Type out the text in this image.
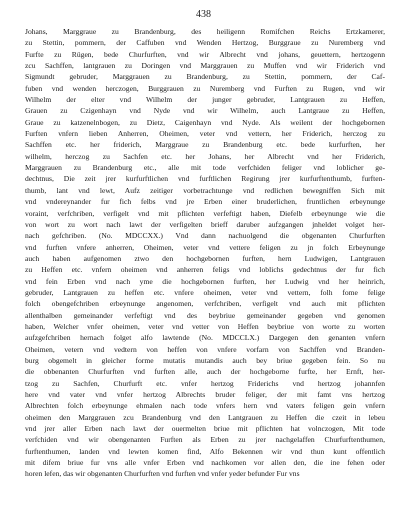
438
Johans, Marggraue zu Brandenburg, des heiligenn Romifchen Reichs Ertzkamerer,
zu Stettin, pommern, der Caffuben vnd Wenden Hertzog, Burggraue zu Nuremberg vnd
Furfte zu Rügen, bede Churfurften, vnd wir Albrecht vnd johans, geuettern, hertzogenn
zcu Sachffen, lantgrauen zu Doringen vnd Marggrauen zu Muffen vnd wir Friderich vnd
Sigmundt gebruder, Marggrauen zu Brandenburg, zu Stettin, pommern, der Caf-
fuben vnd wenden herczogen, Burggrauen zu Nuremberg vnd Furften zu Rugen, vnd wir
Wilhelm der elter vnd Wilhelm der junger gebruder, Lantgrauen zu Heffen,
Grauen zu Czigenhayn vnd Nyde vnd wir Wilhelm, auch Lantgraue zu Heffen,
Graue zu katzenelnbogen, zu Dietz, Caigenhayn vnd Nyde. Als weilent der hochgebornen
Furften vnfern lieben Anherren, Oheimen, veter vnd vettern, her Friderich, herczog zu
Sachffen etc. her friderich, Marggraue zu Brandenburg etc. bede kurfurften, her
wilhelm, herczog zu Sachfen etc. her Johans, her Albrecht vnd her Friderich,
Marggrauen zu Brandenburg etc., alle mit tode verfchiden feliger vnd loblicher ge-
dechtnus, Die zeit jrer kurfurftlichen vnd furftlichen Regirung jrer kurfurftenthumb, furften-
thumb, lant vnd lewt, Aufz zeitiger vorbetrachtunge vnd redlichen bewegniffen Sich mit
vnd vndereynander fur fich felbs vnd jre Erben einer bruderlichen, fruntlichen erbeynunge
voraint, verfchriben, verfigelt vnd mit pflichten verfeftigt haben, Diefelb erbeynunge wie die
von wort zu wort nach lawt der verfigelten brieff daruber aufzgangen jnheldet volget her-
nach gefchriben. (No. MDCCXX.) Vnd dann nachuolgend die obgenanten Churfurften
vnd furften vnfere anherren, Oheimen, veter vnd vettere feligen zu jn folch Erbeynunge
auch haben aufgenomen ztwo den hochgebornen furften, hern Ludwigen, Lantgrauen
zu Heffen etc. vnfern oheimen vnd anherren feligs vnd loblichs gedechtnus der fur fich
vnd fein Erben vnd nach yme die hochgebornen furften, her Ludwig vnd her heinrich,
gebruder, Lantgrauen zu heffen etc. vnfere oheimen, veter vnd vettern, folh fome felige
folch obengefchriben erbeynunge angenomen, verfchriben, verfigelt vnd auch mit pflichten
allenthalben gemeinander verfeftigt vnd des beybriue gemeinander gegeben vnd genomen
haben, Welcher vnfer oheimen, veter vnd vetter von Heffen beybriue von worte zu worten
aufzgefchriben hernach folget alfo lawtende (No. MDCCLX.) Dargegen den genanten vnfern
Oheimen, vetern vnd vedtern von heffen von vnfere vorfarn von Sachffen vnd Branden-
burg obgemelt in gleicher forme mutatis mutandis auch bey briue gegeben fein. So nu
die obbenanten Churfurften vnd furften alle, auch der hochgeborne furfte, her Ernft, her-
tzog zu Sachfen, Churfurft etc. vnfer hertzog Friderichs vnd hertzog johannfen
here vnd vater vnd vnfer hertzog Albrechts bruder feliger, der mit famt vns hertzog
Albrechten folch erbeynunge ehmalen nach tode vnfers hern vnd vaters feligen gein vnfern
oheimen den Marggrauen zcu Brandenburg vnd den Lantgrauen zu Heffen die czeit in lebeu
vnd jrer aller Erben nach lawt der ouermelten briue mit pflichten hat volnczogen, Mit tode
verfchiden vnd wir obengenanten Furften als Erben zu jrer nachgelaffen Churfurftenthumen,
furftenthumen, landen vnd lewten komen find, Alfo Bekennen wir vnd thun kunt offentlich
mit difem briue fur vns alle vnfer Erben vnd nachkomen vor allen den, die ine fehen oder
horen lefen, das wir obgenanten Churfurften vnd furften vnd vnfer yeder befunder Fur vns
